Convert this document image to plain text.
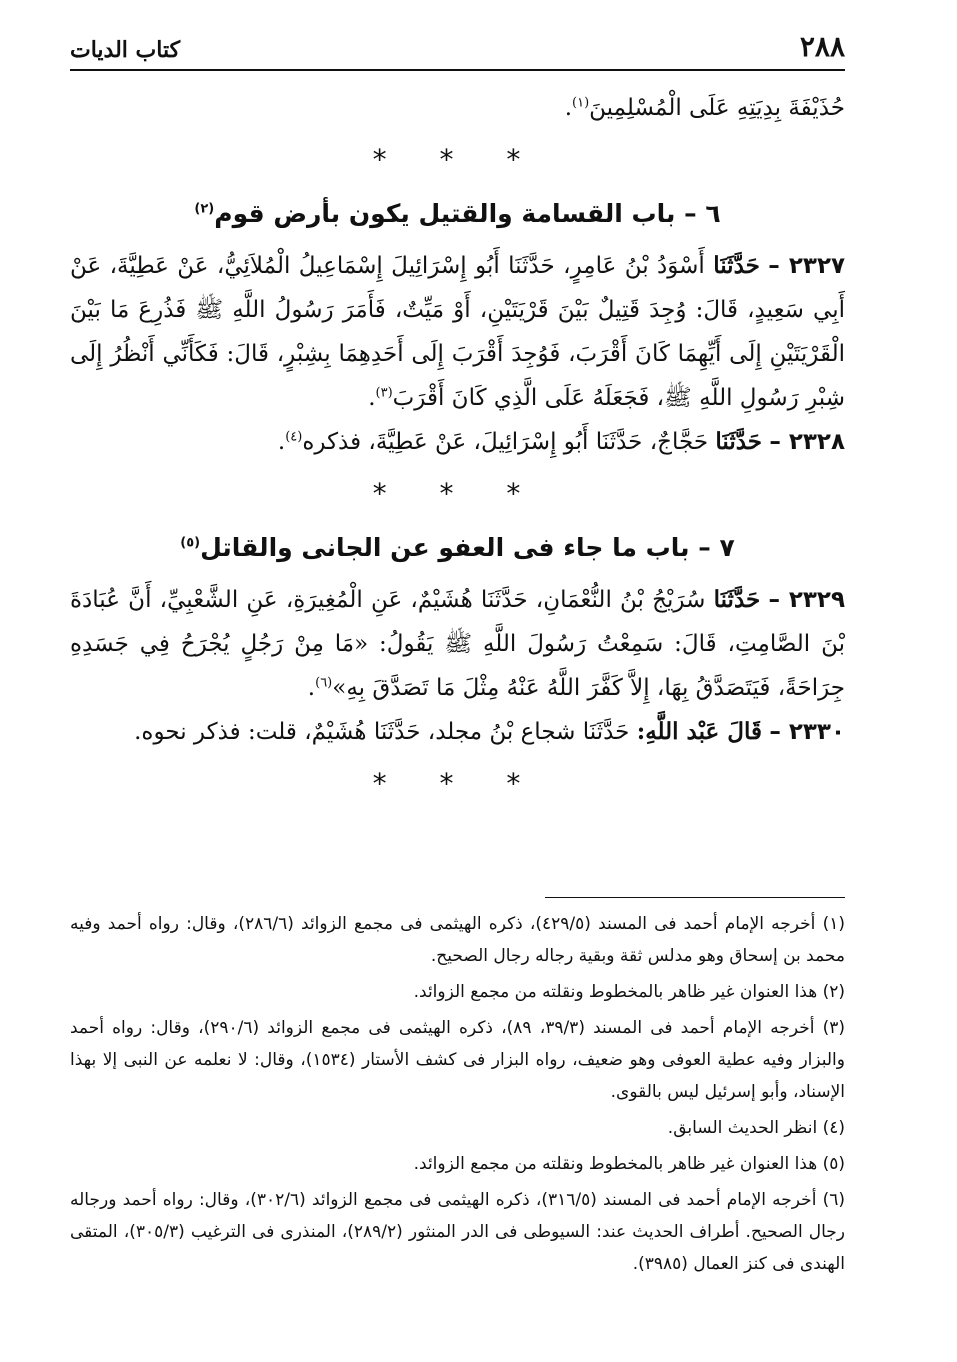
٢٨٨
كتاب الديات

حُذَيْفَةَ بِدِيَتِهِ عَلَى الْمُسْلِمِينَ$^{(١)}$.

* * *
٦ – باب القسامة والقتيل يكون بأرض قوم$^{(٢)}$

٢٣٢٧ – حَدَّثَنَا أَسْوَدُ بْنُ عَامِرٍ، حَدَّثَنَا أَبُو إِسْرَائِيلَ إِسْمَاعِيلُ الْمُلاَئِيُّ، عَنْ عَطِيَّةَ، عَنْ أَبِي سَعِيدٍ، قَالَ: وُجِدَ قَتِيلٌ بَيْنَ قَرْيَتَيْنِ، أَوْ مَيِّتٌ، فَأَمَرَ رَسُولُ اللَّهِ ﷺ فَذُرِعَ مَا بَيْنَ الْقَرْيَتَيْنِ إِلَى أَيِّهِمَا كَانَ أَقْرَبَ، فَوُجِدَ أَقْرَبَ إِلَى أَحَدِهِمَا بِشِبْرٍ، قَالَ: فَكَأَنِّي أَنْظُرُ إِلَى شِبْرِ رَسُولِ اللَّهِ ﷺ، فَجَعَلَهُ عَلَى الَّذِي كَانَ أَقْرَبَ$^{(٣)}$.

٢٣٢٨ – حَدَّثَنَا حَجَّاجٌ، حَدَّثَنَا أَبُو إِسْرَائِيلَ، عَنْ عَطِيَّةَ، فذكره$^{(٤)}$.

* * *
٧ – باب ما جاء فى العفو عن الجانى والقاتل$^{(٥)}$

٢٣٢٩ – حَدَّثَنَا سُرَيْجُ بْنُ النُّعْمَانِ، حَدَّثَنَا هُشَيْمٌ، عَنِ الْمُغِيرَةِ، عَنِ الشَّعْبِيِّ، أَنَّ عُبَادَةَ بْنَ الصَّامِتِ، قَالَ: سَمِعْتُ رَسُولَ اللَّهِ ﷺ يَقُولُ: «مَا مِنْ رَجُلٍ يُجْرَحُ فِي جَسَدِهِ جِرَاحَةً، فَيَتَصَدَّقُ بِهَا، إِلاَّ كَفَّرَ اللَّهُ عَنْهُ مِثْلَ مَا تَصَدَّقَ بِهِ»$^{(٦)}$.

٢٣٣٠ – قَالَ عَبْد اللَّهِ: حَدَّثَنَا شجاع بْنُ مجلد، حَدَّثَنَا هُشَيْمٌ، قلت: فذكر نحوه.

* * *

(١) أخرجه الإمام أحمد فى المسند (٤٢٩/٥)، ذكره الهيثمى فى مجمع الزوائد (٢٨٦/٦)، وقال: رواه أحمد وفيه محمد بن إسحاق وهو مدلس ثقة وبقية رجاله رجال الصحيح.

(٢) هذا العنوان غير ظاهر بالمخطوط ونقلته من مجمع الزوائد.

(٣) أخرجه الإمام أحمد فى المسند (٣٩/٣، ٨٩)، ذكره الهيثمى فى مجمع الزوائد (٢٩٠/٦)، وقال: رواه أحمد والبزار وفيه عطية العوفى وهو ضعيف، رواه البزار فى كشف الأستار (١٥٣٤)، وقال: لا نعلمه عن النبى إلا بهذا الإسناد، وأبو إسرئيل ليس بالقوى.

(٤) انظر الحديث السابق.

(٥) هذا العنوان غير ظاهر بالمخطوط ونقلته من مجمع الزوائد.

(٦) أخرجه الإمام أحمد فى المسند (٣١٦/٥)، ذكره الهيثمى فى مجمع الزوائد (٣٠٢/٦)، وقال: رواه أحمد ورجاله رجال الصحيح. أطراف الحديث عند: السيوطى فى الدر المنثور (٢٨٩/٢)، المنذرى فى الترغيب (٣٠٥/٣)، المتقى الهندى فى كنز العمال (٣٩٨٥).
